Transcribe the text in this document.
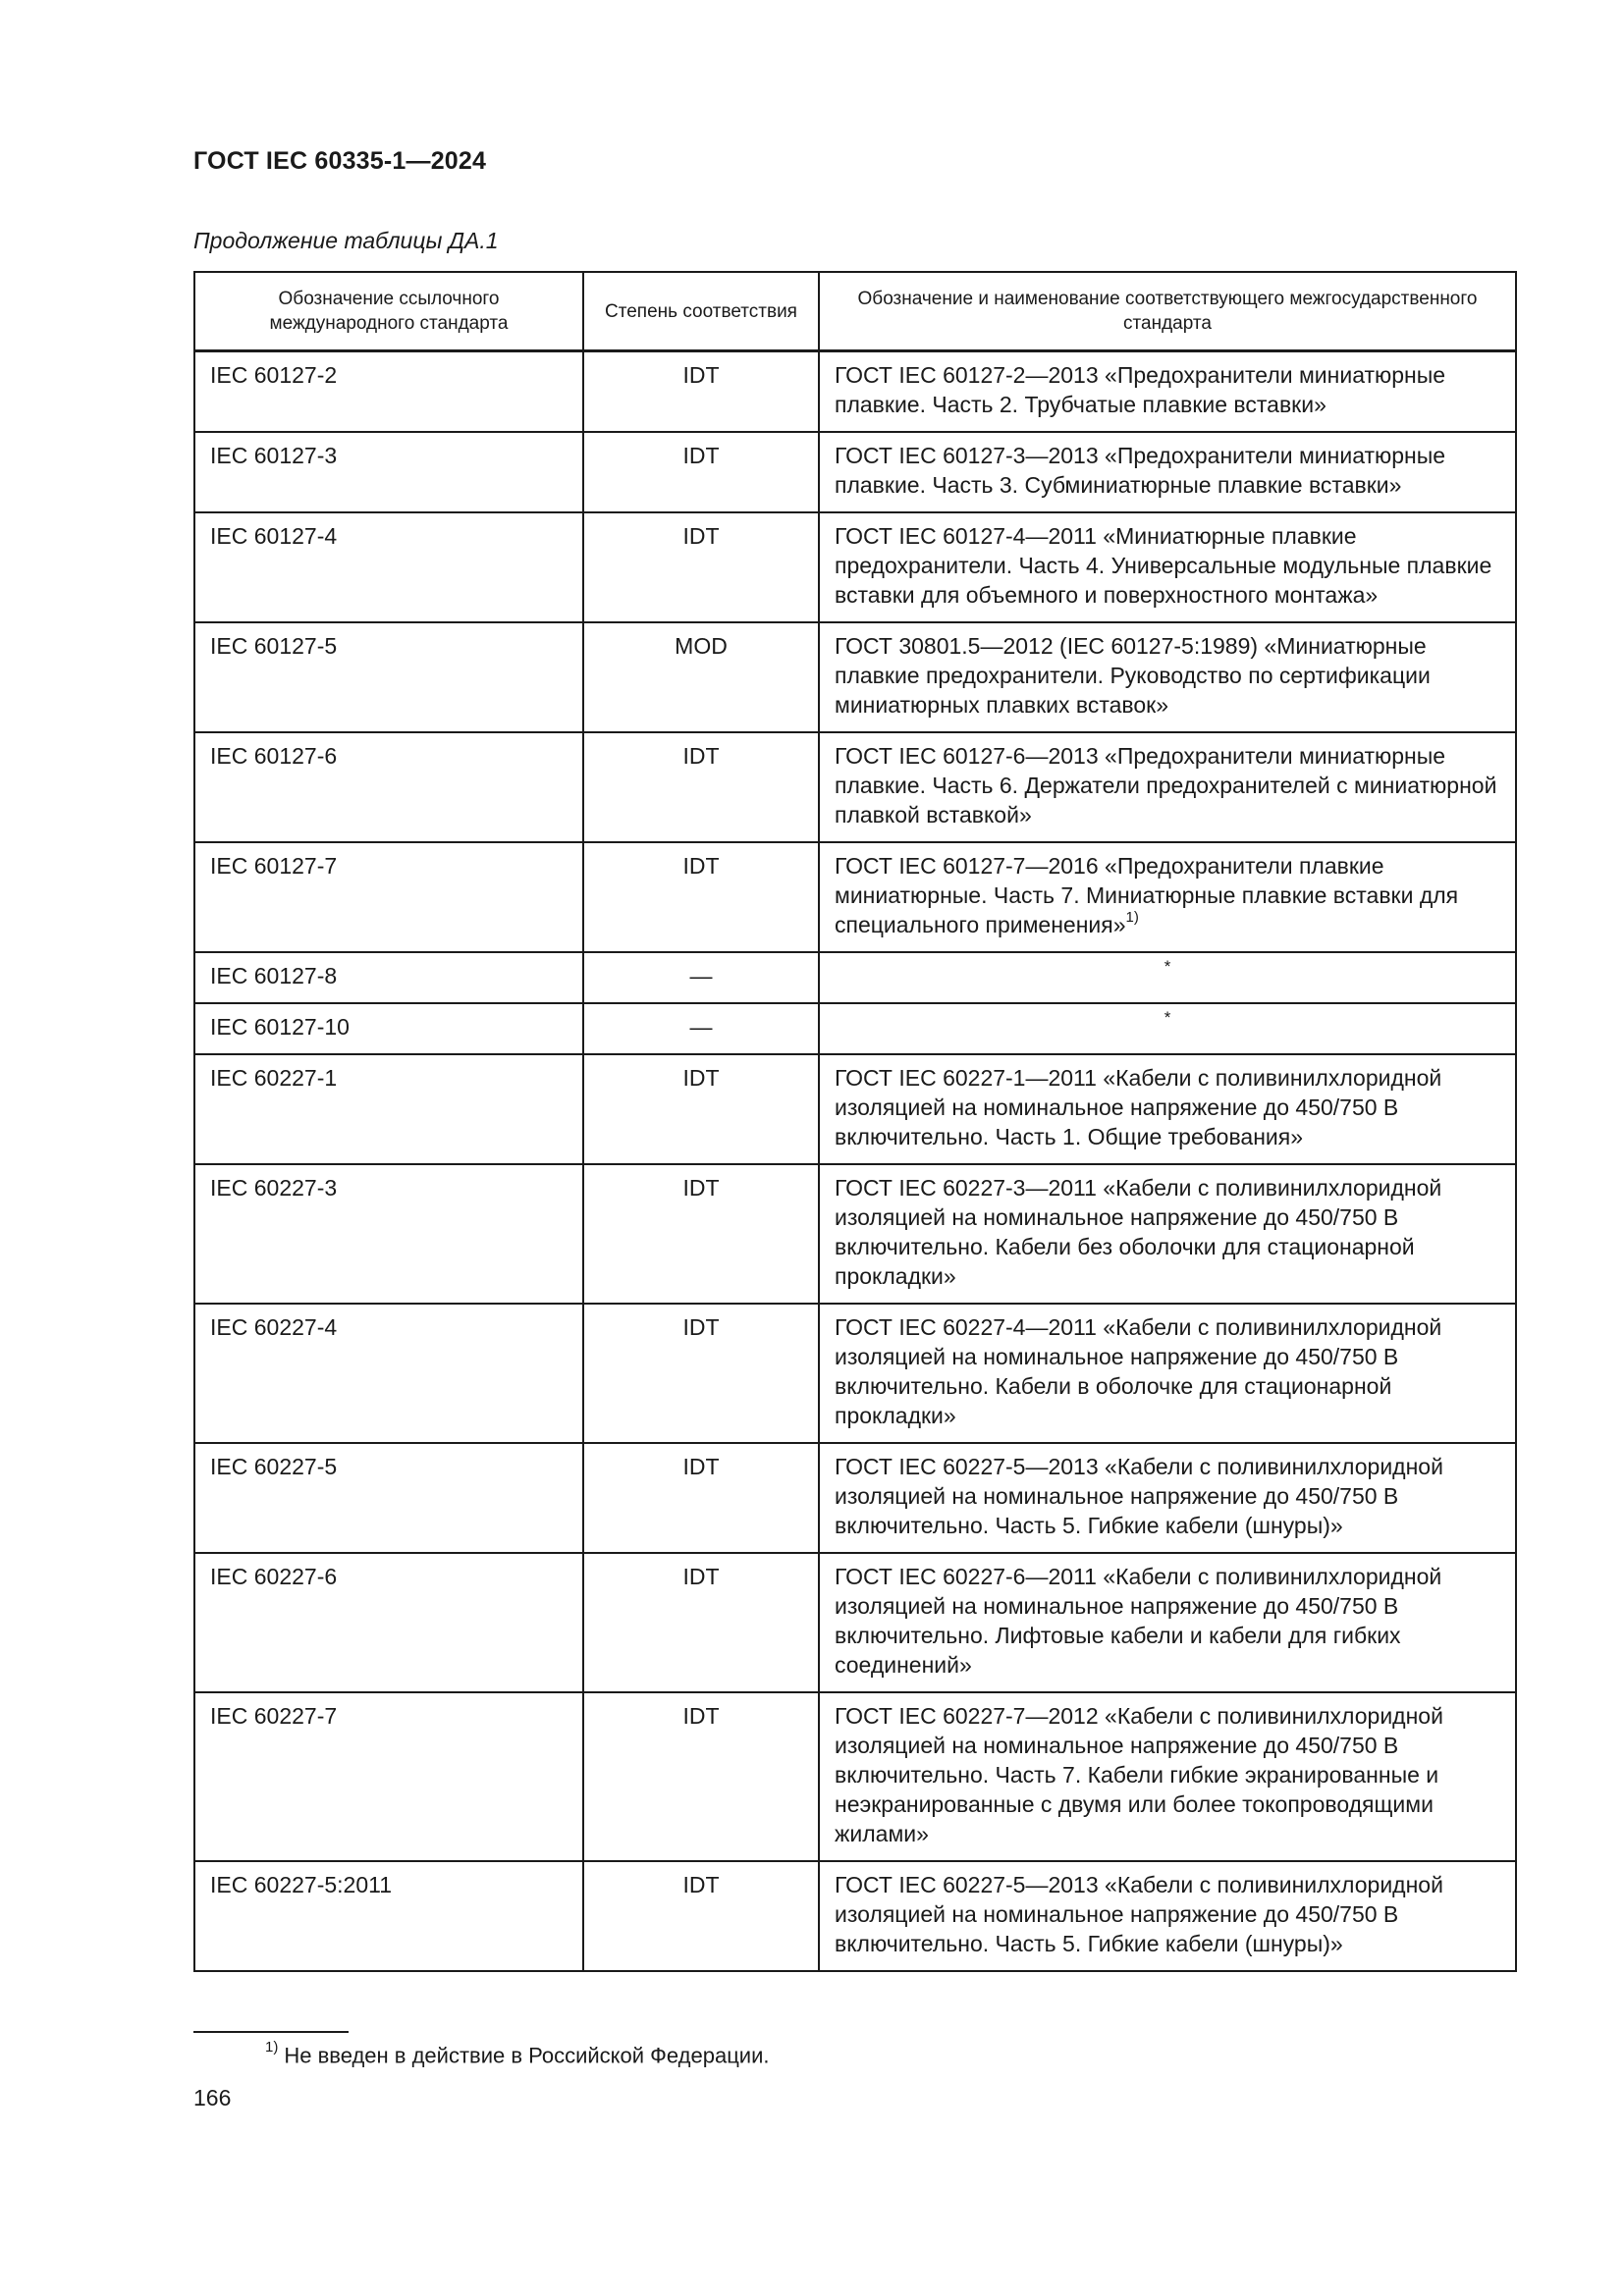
ГОСТ IEC 60335-1—2024
Продолжение таблицы ДА.1
Обозначение ссылочного международного стандарта	Степень соответствия	Обозначение и наименование соответствующего межгосударственного стандарта
IEC 60127-2	IDT	ГОСТ IEC 60127-2—2013 «Предохранители миниатюрные плавкие. Часть 2. Трубчатые плавкие вставки»
IEC 60127-3	IDT	ГОСТ IEC 60127-3—2013 «Предохранители миниатюрные плавкие. Часть 3. Субминиатюрные плавкие вставки»
IEC 60127-4	IDT	ГОСТ IEC 60127-4—2011 «Миниатюрные плавкие предохранители. Часть 4. Универсальные модульные плавкие вставки для объемного и поверхностного монтажа»
IEC 60127-5	MOD	ГОСТ 30801.5—2012 (IEC 60127-5:1989) «Миниатюрные плавкие предохранители. Руководство по сертификации миниатюрных плавких вставок»
IEC 60127-6	IDT	ГОСТ IEC 60127-6—2013 «Предохранители миниатюрные плавкие. Часть 6. Держатели предохранителей с миниатюрной плавкой вставкой»
IEC 60127-7	IDT	ГОСТ IEC 60127-7—2016 «Предохранители плавкие миниатюрные. Часть 7. Миниатюрные плавкие вставки для специального применения»$^{1)}$
IEC 60127-8	—	*
IEC 60127-10	—	*
IEC 60227-1	IDT	ГОСТ IEC 60227-1—2011 «Кабели с поливинилхлоридной изоляцией на номинальное напряжение до 450/750 В включительно. Часть 1. Общие требования»
IEC 60227-3	IDT	ГОСТ IEC 60227-3—2011 «Кабели с поливинилхлоридной изоляцией на номинальное напряжение до 450/750 В включительно. Кабели без оболочки для стационарной прокладки»
IEC 60227-4	IDT	ГОСТ IEC 60227-4—2011 «Кабели с поливинилхлоридной изоляцией на номинальное напряжение до 450/750 В включительно. Кабели в оболочке для стационарной прокладки»
IEC 60227-5	IDT	ГОСТ IEC 60227-5—2013 «Кабели с поливинилхлоридной изоляцией на номинальное напряжение до 450/750 В включительно. Часть 5. Гибкие кабели (шнуры)»
IEC 60227-6	IDT	ГОСТ IEC 60227-6—2011 «Кабели с поливинилхлоридной изоляцией на номинальное напряжение до 450/750 В включительно. Лифтовые кабели и кабели для гибких соединений»
IEC 60227-7	IDT	ГОСТ IEC 60227-7—2012 «Кабели с поливинилхлоридной изоляцией на номинальное напряжение до 450/750 В включительно. Часть 7. Кабели гибкие экранированные и неэкранированные с двумя или более токопроводящими жилами»
IEC 60227-5:2011	IDT	ГОСТ IEC 60227-5—2013 «Кабели с поливинилхлоридной изоляцией на номинальное напряжение до 450/750 В включительно. Часть 5. Гибкие кабели (шнуры)»
$^{1)}$ Не введен в действие в Российской Федерации.
166
